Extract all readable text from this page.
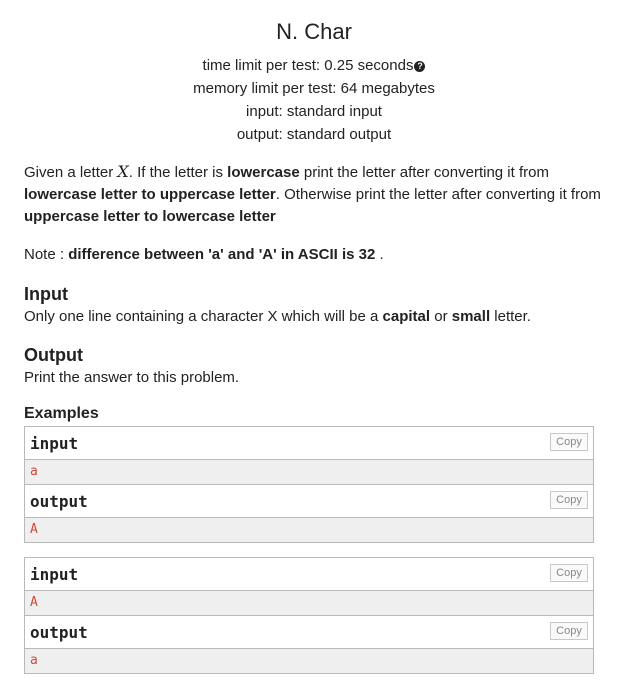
N. Char
time limit per test: 0.25 seconds ?
memory limit per test: 64 megabytes
input: standard input
output: standard output
Given a letter X. If the letter is lowercase print the letter after converting it from lowercase letter to uppercase letter. Otherwise print the letter after converting it from uppercase letter to lowercase letter
Note : difference between 'a' and 'A' in ASCII is 32 .
Input
Only one line containing a character X which will be a capital or small letter.
Output
Print the answer to this problem.
Examples
input	Copy
a
output	Copy
A
input	Copy
A
output	Copy
a
